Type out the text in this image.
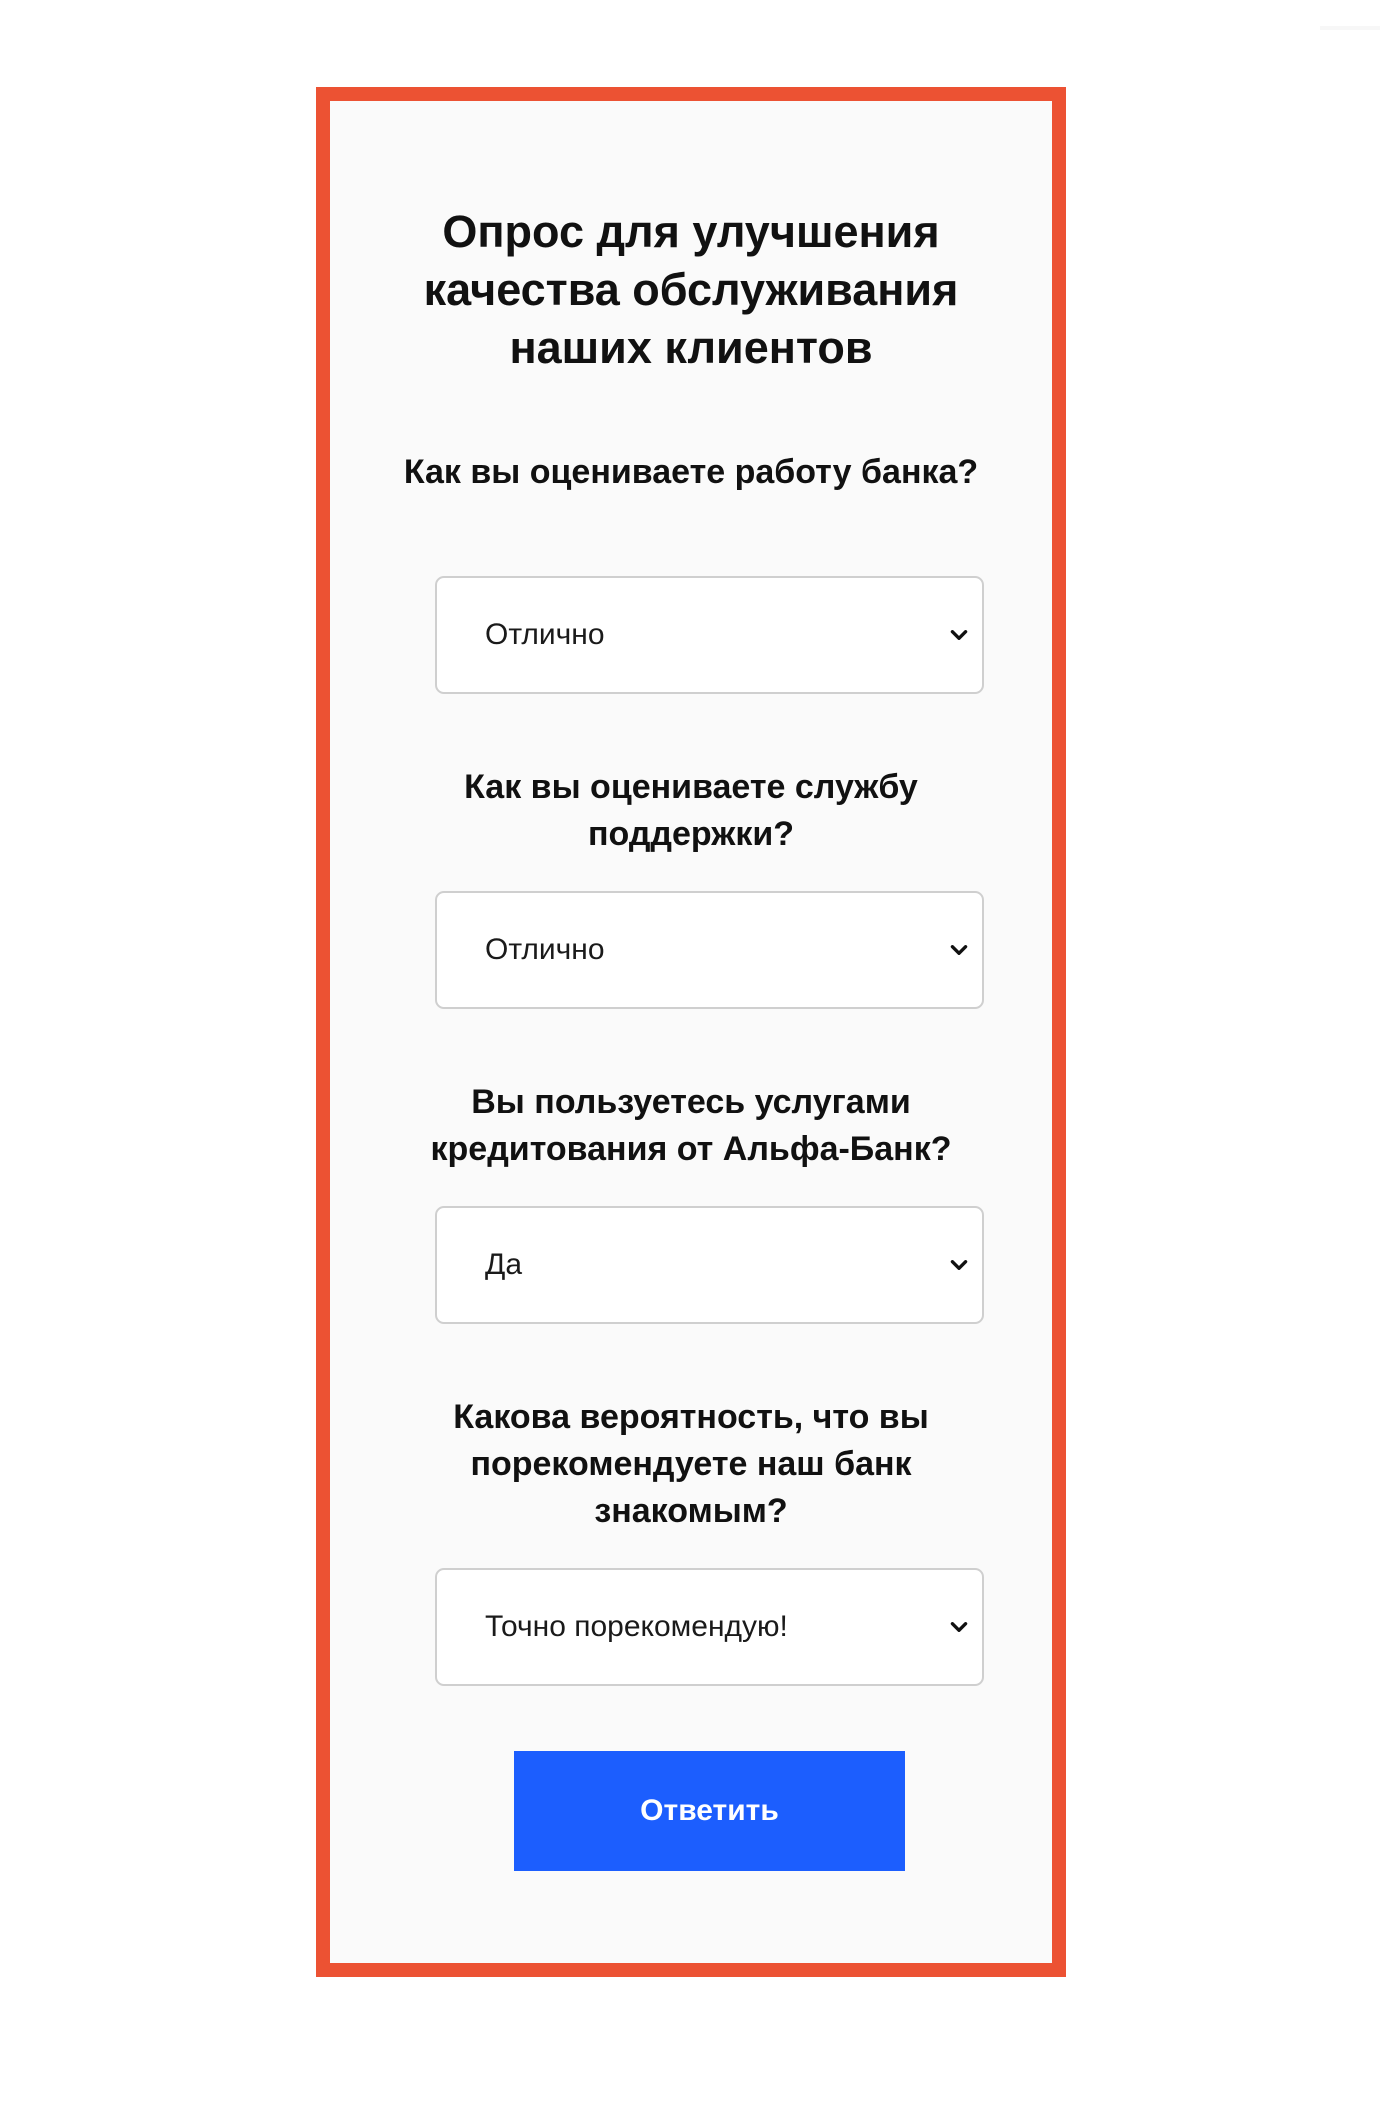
Опрос для улучшения качества обслуживания наших клиентов

Как вы оцениваете работу банка?

Отлично

Как вы оцениваете службу поддержки?

Отлично

Вы пользуетесь услугами кредитования от Альфа-Банк?

Да

Какова вероятность, что вы порекомендуете наш банк знакомым?

Точно порекомендую!
Ответить
